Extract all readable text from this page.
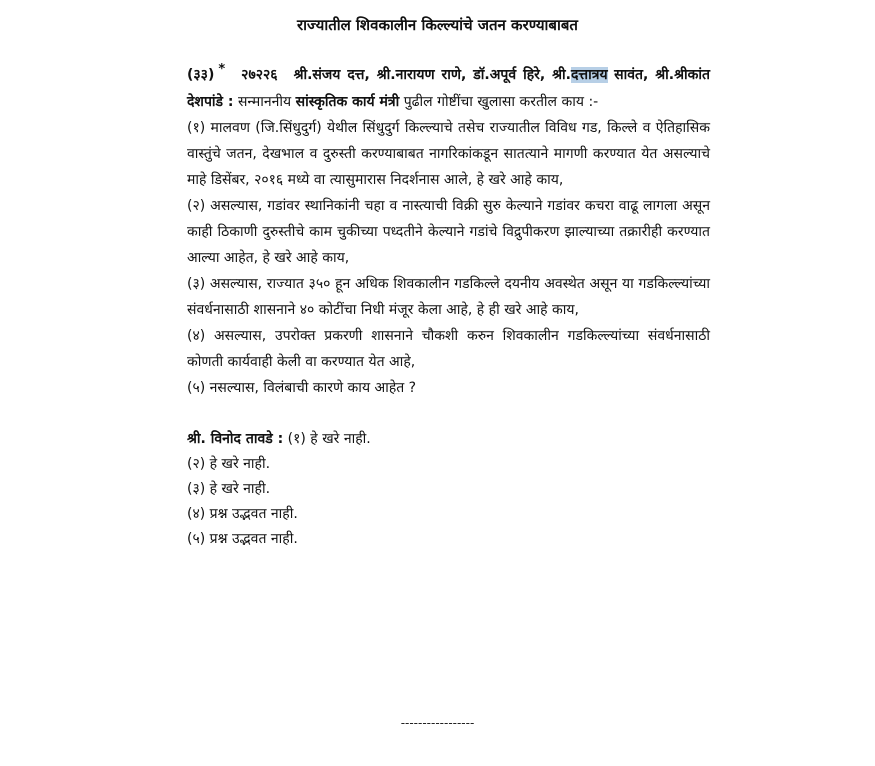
राज्यातील शिवकालीन किल्ल्यांचे जतन करण्याबाबत

(३३) * २७२२६ श्री.संजय दत्त, श्री.नारायण राणे, डॉ.अपूर्व हिरे, श्री.दत्तात्रय सावंत, श्री.श्रीकांत देशपांडे : सन्माननीय सांस्कृतिक कार्य मंत्री पुढील गोष्टींचा खुलासा करतील काय :-

(१) मालवण (जि.सिंधुदुर्ग) येथील सिंधुदुर्ग किल्ल्याचे तसेच राज्यातील विविध गड, किल्ले व ऐतिहासिक वास्तुंचे जतन, देखभाल व दुरुस्ती करण्याबाबत नागरिकांकडून सातत्याने मागणी करण्यात येत असल्याचे माहे डिसेंबर, २०१६ मध्ये वा त्यासुमारास निदर्शनास आले, हे खरे आहे काय,

(२) असल्यास, गडांवर स्थानिकांनी चहा व नास्त्याची विक्री सुरु केल्याने गडांवर कचरा वाढू लागला असून काही ठिकाणी दुरुस्तीचे काम चुकीच्या पध्दतीने केल्याने गडांचे विद्रुपीकरण झाल्याच्या तक्रारीही करण्यात आल्या आहेत, हे खरे आहे काय,

(३) असल्यास, राज्यात ३५० हून अधिक शिवकालीन गडकिल्ले दयनीय अवस्थेत असून या गडकिल्ल्यांच्या संवर्धनासाठी शासनाने ४० कोटींचा निधी मंजूर केला आहे, हे ही खरे आहे काय,

(४) असल्यास, उपरोक्त प्रकरणी शासनाने चौकशी करुन शिवकालीन गडकिल्ल्यांच्या संवर्धनासाठी कोणती कार्यवाही केली वा करण्यात येत आहे,

(५) नसल्यास, विलंबाची कारणे काय आहेत ?

श्री. विनोद तावडे : (१) हे खरे नाही.

(२) हे खरे नाही.

(३) हे खरे नाही.

(४) प्रश्न उद्भवत नाही.

(५) प्रश्न उद्भवत नाही.

-----------------
